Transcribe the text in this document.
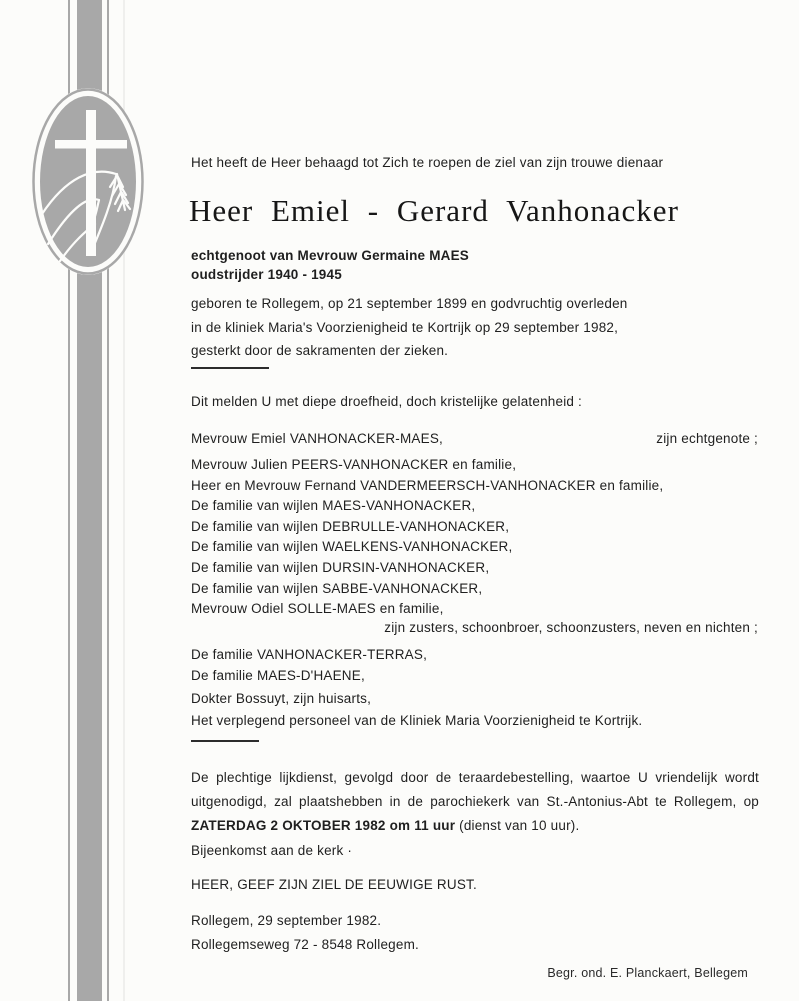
Het heeft de Heer behaagd tot Zich te roepen de ziel van zijn trouwe dienaar
Heer Emiel - Gerard Vanhonacker
echtgenoot van Mevrouw Germaine MAES
oudstrijder 1940 - 1945
geboren te Rollegem, op 21 september 1899 en godvruchtig overleden
in de kliniek Maria's Voorzienigheid te Kortrijk op 29 september 1982,
gesterkt door de sakramenten der zieken.
Dit melden U met diepe droefheid, doch kristelijke gelatenheid :
Mevrouw Emiel VANHONACKER-MAES,	zijn echtgenote ;
Mevrouw Julien PEERS-VANHONACKER en familie,
Heer en Mevrouw Fernand VANDERMEERSCH-VANHONACKER en familie,
De familie van wijlen MAES-VANHONACKER,
De familie van wijlen DEBRULLE-VANHONACKER,
De familie van wijlen WAELKENS-VANHONACKER,
De familie van wijlen DURSIN-VANHONACKER,
De familie van wijlen SABBE-VANHONACKER,
Mevrouw Odiel SOLLE-MAES en familie,
zijn zusters, schoonbroer, schoonzusters, neven en nichten ;
De familie VANHONACKER-TERRAS,
De familie MAES-D'HAENE,
Dokter Bossuyt, zijn huisarts,
Het verplegend personeel van de Kliniek Maria Voorzienigheid te Kortrijk.
De plechtige lijkdienst, gevolgd door de teraardebestelling, waartoe U vriendelijk wordt
uitgenodigd, zal plaatshebben in de parochiekerk van St.-Antonius-Abt te Rollegem, op
ZATERDAG 2 OKTOBER 1982 om 11 uur (dienst van 10 uur).
Bijeenkomst aan de kerk ·
HEER, GEEF ZIJN ZIEL DE EEUWIGE RUST.
Rollegem, 29 september 1982.
Rollegemseweg 72 - 8548 Rollegem.
Begr. ond. E. Planckaert, Bellegem
